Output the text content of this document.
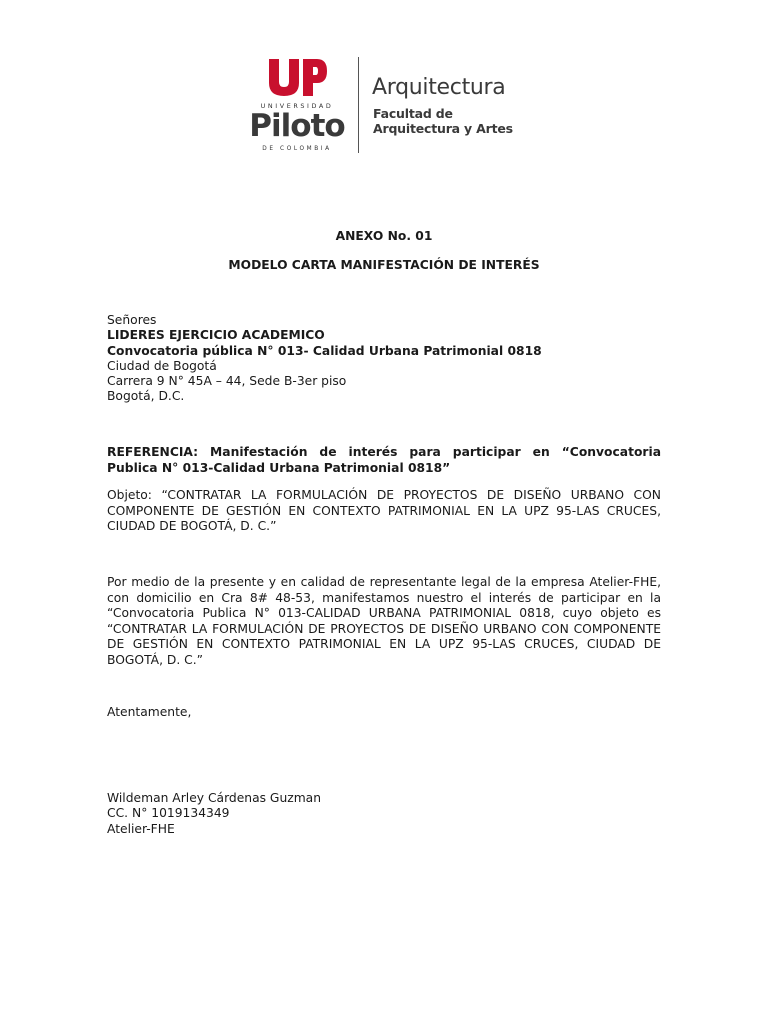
UNIVERSIDAD
Piloto
DE COLOMBIA
Arquitectura
Facultad de
Arquitectura y Artes

ANEXO No. 01

MODELO CARTA MANIFESTACIÓN DE INTERÉS

Señores

LIDERES EJERCICIO ACADEMICO

Convocatoria pública N° 013- Calidad Urbana Patrimonial 0818

Ciudad de Bogotá

Carrera 9 N° 45A – 44, Sede B-3er piso

Bogotá, D.C.

REFERENCIA: Manifestación de interés para participar en “Convocatoria Publica N° 013-Calidad Urbana Patrimonial 0818”

Objeto: “CONTRATAR LA FORMULACIÓN DE PROYECTOS DE DISEÑO URBANO CON COMPONENTE DE GESTIÓN EN CONTEXTO PATRIMONIAL EN LA UPZ 95-LAS CRUCES, CIUDAD DE BOGOTÁ, D. C.”

Por medio de la presente y en calidad de representante legal de la empresa Atelier-FHE, con domicilio en Cra 8# 48-53, manifestamos nuestro el interés de participar en la “Convocatoria Publica N° 013-CALIDAD URBANA PATRIMONIAL 0818, cuyo objeto es “CONTRATAR LA FORMULACIÓN DE PROYECTOS DE DISEÑO URBANO CON COMPONENTE DE GESTIÓN EN CONTEXTO PATRIMONIAL EN LA UPZ 95-LAS CRUCES, CIUDAD DE BOGOTÁ, D. C.”

Atentamente,

Wildeman Arley Cárdenas Guzman

CC. N° 1019134349

Atelier-FHE
